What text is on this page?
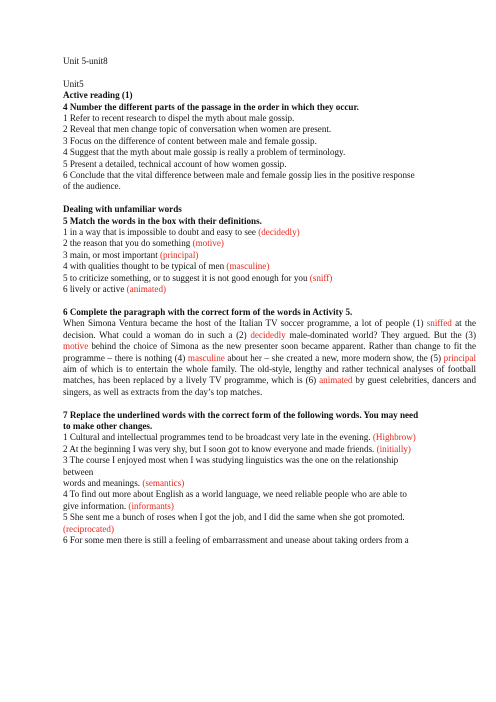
Unit 5-unit8
Unit5
Active reading (1)
4 Number the different parts of the passage in the order in which they occur.
1 Refer to recent research to dispel the myth about male gossip.
2 Reveal that men change topic of conversation when women are present.
3 Focus on the difference of content between male and female gossip.
4 Suggest that the myth about male gossip is really a problem of terminology.
5 Present a detailed, technical account of how women gossip.
6 Conclude that the vital difference between male and female gossip lies in the positive response
of the audience.
Dealing with unfamiliar words
5 Match the words in the box with their definitions.
1 in a way that is impossible to doubt and easy to see (decidedly)
2 the reason that you do something (motive)
3 main, or most important (principal)
4 with qualities thought to be typical of men (masculine)
5 to criticize something, or to suggest it is not good enough for you (sniff)
6 lively or active (animated)
6 Complete the paragraph with the correct form of the words in Activity 5.
When Simona Ventura became the host of the Italian TV soccer programme, a lot of people (1) sniffed at the decision. What could a woman do in such a (2) decidedly male-dominated world? They argued. But the (3) motive behind the choice of Simona as the new presenter soon became apparent. Rather than change to fit the programme – there is nothing (4) masculine about her – she created a new, more modern show, the (5) principal aim of which is to entertain the whole family. The old-style, lengthy and rather technical analyses of football matches, has been replaced by a lively TV programme, which is (6) animated by guest celebrities, dancers and singers, as well as extracts from the day’s top matches.
7 Replace the underlined words with the correct form of the following words. You may need
to make other changes.
1 Cultural and intellectual programmes tend to be broadcast very late in the evening. (Highbrow)
2 At the beginning I was very shy, but I soon got to know everyone and made friends. (initially)
3 The course I enjoyed most when I was studying linguistics was the one on the relationship
between
words and meanings. (semantics)
4 To find out more about English as a world language, we need reliable people who are able to
give information. (informants)
5 She sent me a bunch of roses when I got the job, and I did the same when she got promoted.
(reciprocated)
6 For some men there is still a feeling of embarrassment and unease about taking orders from a
